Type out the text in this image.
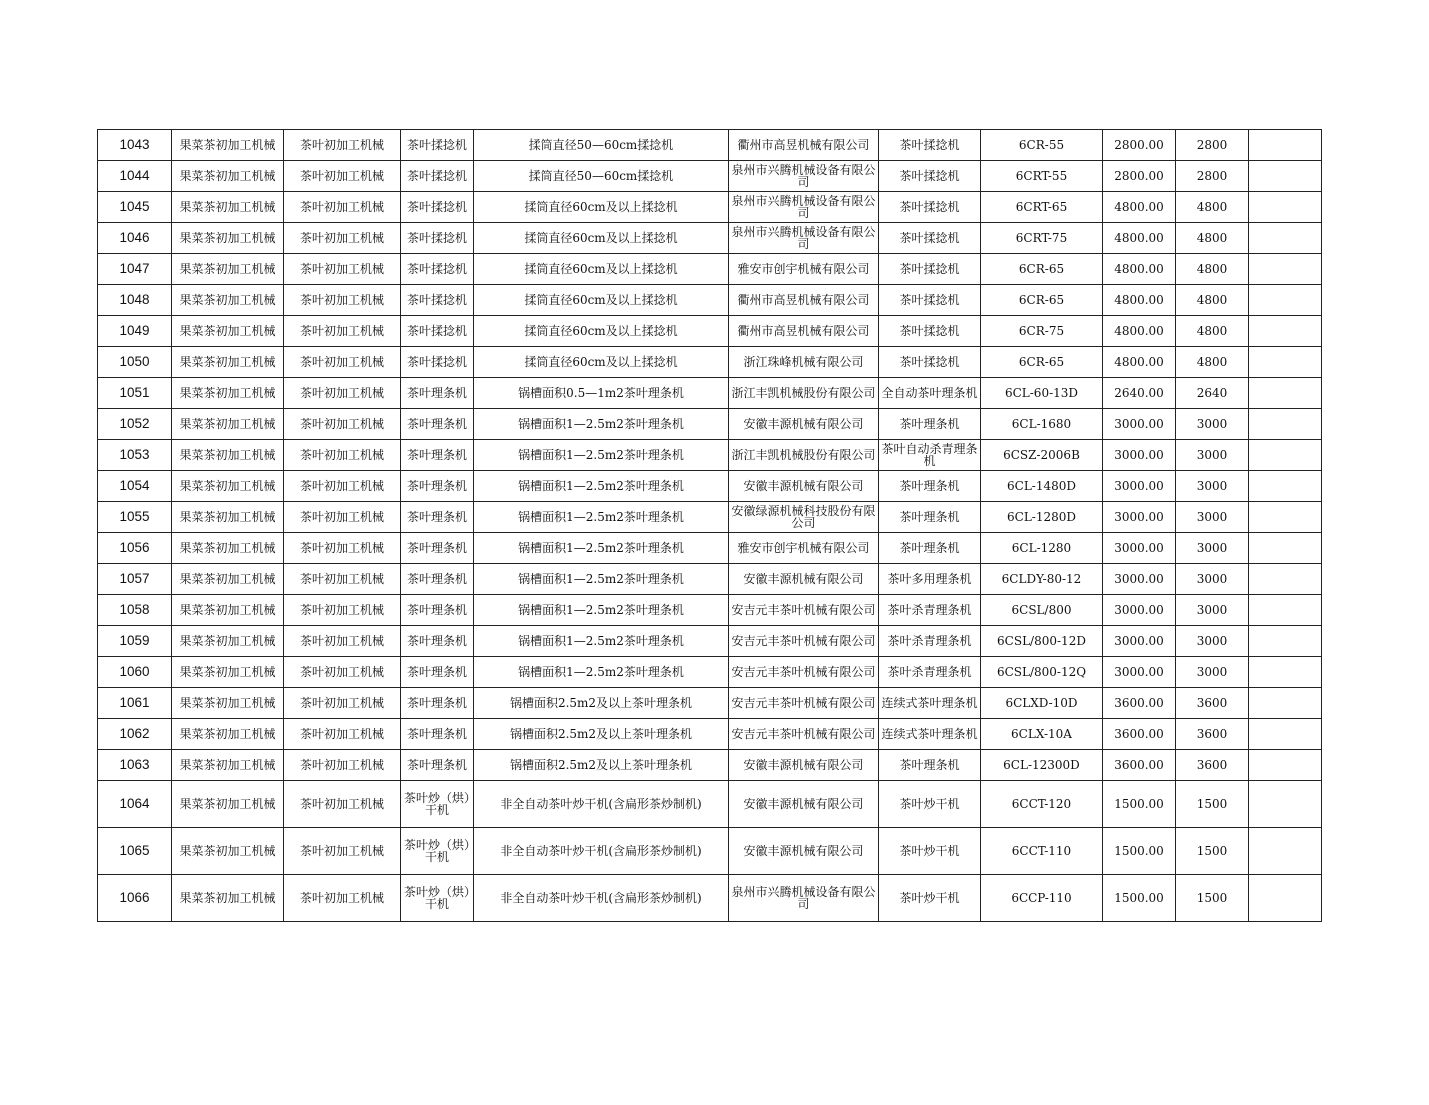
1043	果菜茶初加工机械	茶叶初加工机械	茶叶揉捻机	揉筒直径50—60cm揉捻机	衢州市高昱机械有限公司	茶叶揉捻机	6CR-55	2800.00	2800	
1044	果菜茶初加工机械	茶叶初加工机械	茶叶揉捻机	揉筒直径50—60cm揉捻机	泉州市兴腾机械设备有限公司	茶叶揉捻机	6CRT-55	2800.00	2800	
1045	果菜茶初加工机械	茶叶初加工机械	茶叶揉捻机	揉筒直径60cm及以上揉捻机	泉州市兴腾机械设备有限公司	茶叶揉捻机	6CRT-65	4800.00	4800	
1046	果菜茶初加工机械	茶叶初加工机械	茶叶揉捻机	揉筒直径60cm及以上揉捻机	泉州市兴腾机械设备有限公司	茶叶揉捻机	6CRT-75	4800.00	4800	
1047	果菜茶初加工机械	茶叶初加工机械	茶叶揉捻机	揉筒直径60cm及以上揉捻机	雅安市创宇机械有限公司	茶叶揉捻机	6CR-65	4800.00	4800	
1048	果菜茶初加工机械	茶叶初加工机械	茶叶揉捻机	揉筒直径60cm及以上揉捻机	衢州市高昱机械有限公司	茶叶揉捻机	6CR-65	4800.00	4800	
1049	果菜茶初加工机械	茶叶初加工机械	茶叶揉捻机	揉筒直径60cm及以上揉捻机	衢州市高昱机械有限公司	茶叶揉捻机	6CR-75	4800.00	4800	
1050	果菜茶初加工机械	茶叶初加工机械	茶叶揉捻机	揉筒直径60cm及以上揉捻机	浙江珠峰机械有限公司	茶叶揉捻机	6CR-65	4800.00	4800	
1051	果菜茶初加工机械	茶叶初加工机械	茶叶理条机	锅槽面积0.5—1m2茶叶理条机	浙江丰凯机械股份有限公司	全自动茶叶理条机	6CL-60-13D	2640.00	2640	
1052	果菜茶初加工机械	茶叶初加工机械	茶叶理条机	锅槽面积1—2.5m2茶叶理条机	安徽丰源机械有限公司	茶叶理条机	6CL-1680	3000.00	3000	
1053	果菜茶初加工机械	茶叶初加工机械	茶叶理条机	锅槽面积1—2.5m2茶叶理条机	浙江丰凯机械股份有限公司	茶叶自动杀青理条机	6CSZ-2006B	3000.00	3000	
1054	果菜茶初加工机械	茶叶初加工机械	茶叶理条机	锅槽面积1—2.5m2茶叶理条机	安徽丰源机械有限公司	茶叶理条机	6CL-1480D	3000.00	3000	
1055	果菜茶初加工机械	茶叶初加工机械	茶叶理条机	锅槽面积1—2.5m2茶叶理条机	安徽绿源机械科技股份有限公司	茶叶理条机	6CL-1280D	3000.00	3000	
1056	果菜茶初加工机械	茶叶初加工机械	茶叶理条机	锅槽面积1—2.5m2茶叶理条机	雅安市创宇机械有限公司	茶叶理条机	6CL-1280	3000.00	3000	
1057	果菜茶初加工机械	茶叶初加工机械	茶叶理条机	锅槽面积1—2.5m2茶叶理条机	安徽丰源机械有限公司	茶叶多用理条机	6CLDY-80-12	3000.00	3000	
1058	果菜茶初加工机械	茶叶初加工机械	茶叶理条机	锅槽面积1—2.5m2茶叶理条机	安吉元丰茶叶机械有限公司	茶叶杀青理条机	6CSL/800	3000.00	3000	
1059	果菜茶初加工机械	茶叶初加工机械	茶叶理条机	锅槽面积1—2.5m2茶叶理条机	安吉元丰茶叶机械有限公司	茶叶杀青理条机	6CSL/800-12D	3000.00	3000	
1060	果菜茶初加工机械	茶叶初加工机械	茶叶理条机	锅槽面积1—2.5m2茶叶理条机	安吉元丰茶叶机械有限公司	茶叶杀青理条机	6CSL/800-12Q	3000.00	3000	
1061	果菜茶初加工机械	茶叶初加工机械	茶叶理条机	锅槽面积2.5m2及以上茶叶理条机	安吉元丰茶叶机械有限公司	连续式茶叶理条机	6CLXD-10D	3600.00	3600	
1062	果菜茶初加工机械	茶叶初加工机械	茶叶理条机	锅槽面积2.5m2及以上茶叶理条机	安吉元丰茶叶机械有限公司	连续式茶叶理条机	6CLX-10A	3600.00	3600	
1063	果菜茶初加工机械	茶叶初加工机械	茶叶理条机	锅槽面积2.5m2及以上茶叶理条机	安徽丰源机械有限公司	茶叶理条机	6CL-12300D	3600.00	3600	
1064	果菜茶初加工机械	茶叶初加工机械	茶叶炒（烘）干机	非全自动茶叶炒干机(含扁形茶炒制机)	安徽丰源机械有限公司	茶叶炒干机	6CCT-120	1500.00	1500	
1065	果菜茶初加工机械	茶叶初加工机械	茶叶炒（烘）干机	非全自动茶叶炒干机(含扁形茶炒制机)	安徽丰源机械有限公司	茶叶炒干机	6CCT-110	1500.00	1500	
1066	果菜茶初加工机械	茶叶初加工机械	茶叶炒（烘）干机	非全自动茶叶炒干机(含扁形茶炒制机)	泉州市兴腾机械设备有限公司	茶叶炒干机	6CCP-110	1500.00	1500	
